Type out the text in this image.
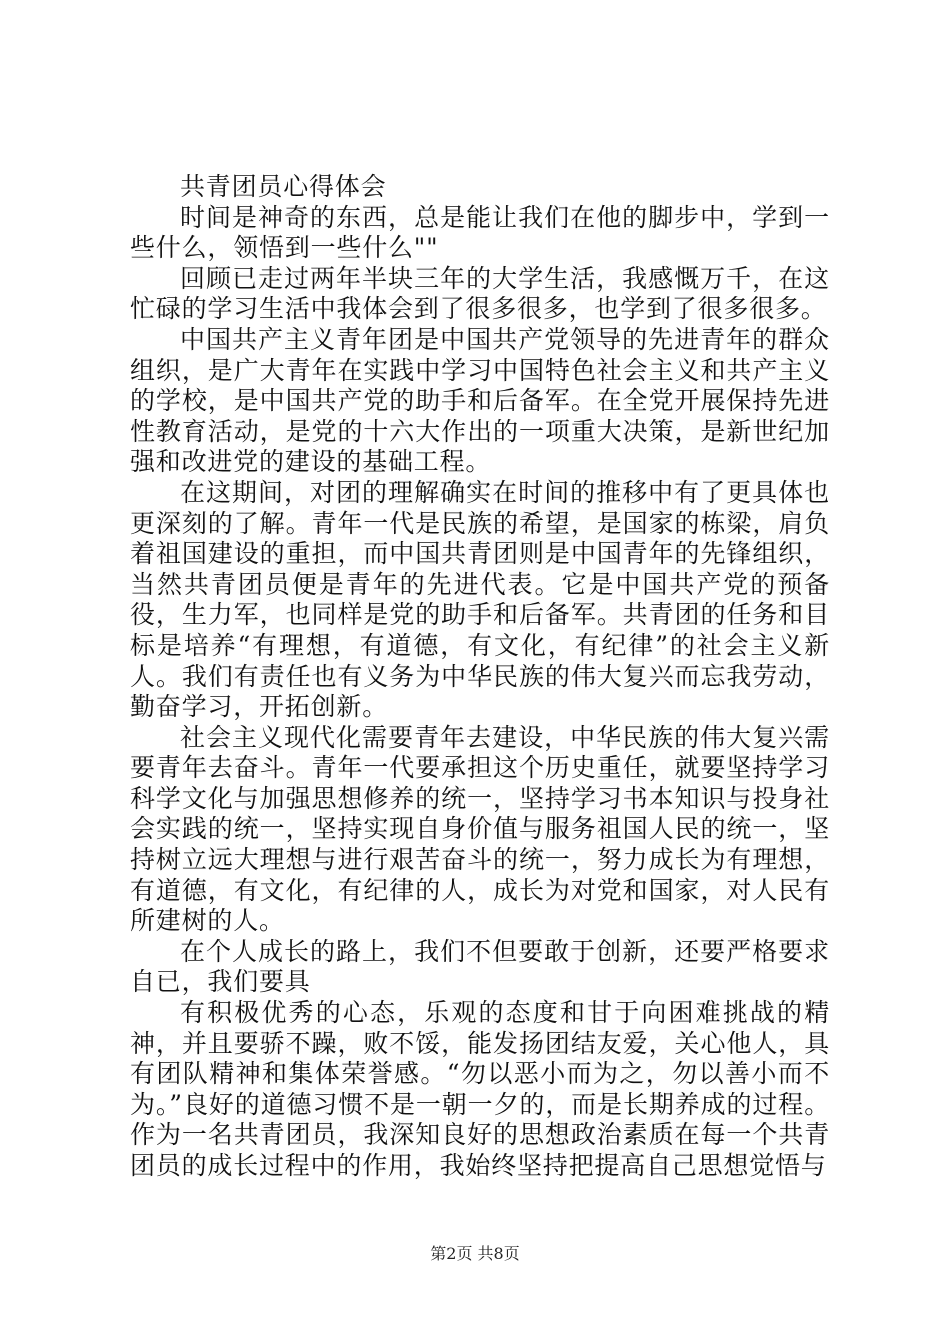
共青团员心得体会

时间是神奇的东西，总是能让我们在他的脚步中，学到一些什么，领悟到一些什么""

回顾已走过两年半块三年的大学生活，我感慨万千，在这忙碌的学习生活中我体会到了很多很多，也学到了很多很多。

中国共产主义青年团是中国共产党领导的先进青年的群众组织，是广大青年在实践中学习中国特色社会主义和共产主义的学校，是中国共产党的助手和后备军。在全党开展保持先进性教育活动，是党的十六大作出的一项重大决策，是新世纪加强和改进党的建设的基础工程。

在这期间，对团的理解确实在时间的推移中有了更具体也更深刻的了解。青年一代是民族的希望，是国家的栋梁，肩负着祖国建设的重担，而中国共青团则是中国青年的先锋组织，当然共青团员便是青年的先进代表。它是中国共产党的预备役，生力军，也同样是党的助手和后备军。共青团的任务和目标是培养“有理想，有道德，有文化，有纪律”的社会主义新人。我们有责任也有义务为中华民族的伟大复兴而忘我劳动，勤奋学习，开拓创新。

社会主义现代化需要青年去建设，中华民族的伟大复兴需要青年去奋斗。青年一代要承担这个历史重任，就要坚持学习科学文化与加强思想修养的统一，坚持学习书本知识与投身社会实践的统一，坚持实现自身价值与服务祖国人民的统一，坚持树立远大理想与进行艰苦奋斗的统一，努力成长为有理想，有道德，有文化，有纪律的人，成长为对党和国家，对人民有所建树的人。

在个人成长的路上，我们不但要敢于创新，还要严格要求自已，我们要具

有积极优秀的心态，乐观的态度和甘于向困难挑战的精神，并且要骄不躁，败不馁，能发扬团结友爱，关心他人，具有团队精神和集体荣誉感。“勿以恶小而为之，勿以善小而不为。”良好的道德习惯不是一朝一夕的，而是长期养成的过程。作为一名共青团员，我深知良好的思想政治素质在每一个共青团员的成长过程中的作用，我始终坚持把提高自己思想觉悟与

第2页 共8页
